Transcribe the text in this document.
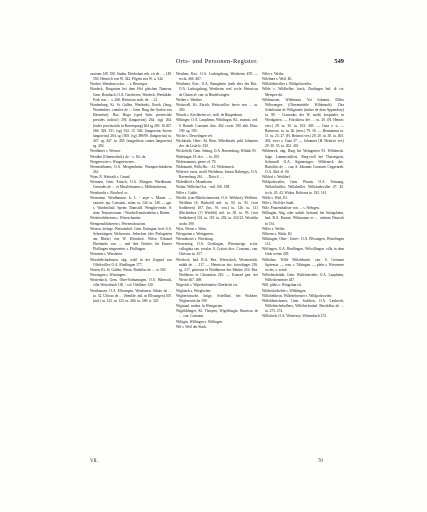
Orts- und Personen-Register.	549

castrum 149. 350. Stadtu, Diethoban oeh. vir de …, 149. 350. Heinrich von W. 342. Pilgrin von W. u. 342.

Wacher, Wanzburca dac … s. Benwiges.

Wardeck, Burgruine bei dem Hof gleichen Namens, Gem. Bombach, O.A. Geroberen, Wardeck, Werdakke. Fork von … s. 260. Heinricus eralt. de … 21.

Wardenburg, Kt. St. Gallen, Wardenbi., Ilerzb. (burg, Wardenberc. comites de … frem. Burg der Grafen von Hasenfurt). Hac. Hugo (sped Subs provinciale presides iudicio) 256 (langravius) 264. (sg) 264. (iudex provincialis in Ravensparg) 264 sg 265. 16 267. 266. 328. 331. (sg) 334. 15. 302. (langravius Suecie langravius) 264. sg 1305. (sg) 389/90. (langravius) tu. 447. sg. 447. tu. 450. (magnificus comes langravius) sg. 450.

Werdbarer s. Wersen.

Werdkie (Otterneckirk), dz. - s. Ulc dz.

Wargerowire s. Wurgeterwiere.

Werneslebanes, O.A. Mergentheim, Warnprechtitobens 261.

Wam. N. Weitrailt s. Grund.

Wernnen, Gem. Ertisch, O.A. Ehingen; Werdhauen. Genrades de … et Messlebruerns s. Millentobrerus.

Wersburdis s. Bruched. vc.

Wersemne. Werdhausen. h. L. - asye s. Marne. — cartarie. epi. Constant., mitar. tu. 144. tu. 146. — ppr. s. Wardeichail. Speter, Damstiff. Wengiln-ernbe. S. dom. Teutonicorum. - Wardsell mottenheim s. Batten.

Wersbertletkerum s. Witreschaniter

Wempensblohteren s. Wernesohcutsen.

Wersen, bislege. Wersuenkirl. Gem. Enfingen; bed. S.A. Scheettingen; Welwersen. Sebecken (der Pfalagrafen am Rhein) von W. Kleinhoft. Wilsw Erbrand Eberhardo von … und ihre Teohter, ihr Einster Pfullingen eingetreten. s. Pfullingen.

Wesnizin s. Winsheim.

Wesobelichadinsen, abg. wohl in der Gegend von Offeltwiller, O.A. Riedlingen 177.,

Wasen, Kt. St. Gallen, Wesin. Rodulfus de … to 350.

Wessingen s. Winsingen.

Westerbach, Gem. Ober-Sulmatingen, O.A. Biberach, villa Westerbach 130. - col. Otbllines 130.

Westhausen, O.A. Ellwangen, Westhusen. Siboto de … tu. 32. Ulricus de … (Senilde. mil. in Ellwangen) 105. (mil.) tu. 122. tu. 123. tu. 266. tu. 269. tr. 325.

Westhen, Kirr.. O.A. Ludwigsburg, Westheim 458. — eccla. 466. 467.

Westhene, Kirr.. O.A. Bamgheim (neth eber der Ritt.. O.A. Ludwigsburg, Westheim. reel. eccle. Heinricus de Chazecel. can. in Bindelwingen.

Wether s. Warther.

Wettswell, Kt. Zürich, Wettiswiller. herve von … tu. 450.

Wesalz s. Kirchheim o/r.. mill. de Ringenburn.

Wibinger, O.A. Laupheim, Wibilingin. Kl., monast. ord. S. Benedi. Constant. dioc. 462. cover. 190. abb. Elser. 190. sg. 190.

Wiche s. Dewelingen vel.

Wickkrath, Ober-, Kt. Bern, Wibekkrath. prbl. Johannes dev. de Lisla le. 350.

Wickrtfeld, Gem. Saburg, O.A. Ravensburg, Wilakh 93.

Widenager, H. dco. … tu. 295.

Widensaumes, gener. el. 79.

Widemarth, Willa Hu.. - 41. Widemarch.

Widevee curia, mold Wieldtean, bissen Babengry, O.A. Ravensburg 261. … Dota S. …

Widedtheil s. Maunhoim.

Walter, Wilhelm Oca. - mil. 160. 188.

Wiler s. Gulde.

Wiethl; (von Mittelwinereutte, O.A. Weldsee), Weilhtez. Weilhem (S. Barbold) mil. tu. 50. tu. 92. (von Soddiesen) 107. (bis. W. von.) tu. 126. tu. 131 (Bechterbez (?) Wiedthl) mil. tu. 50. tu. 93. (von Seddebrest) 101. tu. 119. tu. 282. tu. 432-23. Wiesthln urohr. 390.

Wies, Wiene s. Wain.

Wiesgarten s. Weingarten.

Wierneboire s. Wiresburg.

Wiesensieg, O.A. Geislingen, Wisensteige. eccla. collegiata can. secular. S. Cyriaci dioc. Constant., can. Christus tu. 357.

Wiesloch, bad. B.A. Bez. Wiesesloch, Wisenessloh. nobih de … 217. — Heinricus dos. frorodinger 216. sg. 217. patrizius et Waithberus des Markte 216. Bea. Waltherus et Chronulan 216. — Konrad gen. der Weise 467. 469.

Wigerich s. Wiperhefrtaden; Oberbrich vir.

Wiglanch s. Wieglocher.

Wigbertstruche, knige, Schellhaf, bei Waldsee, Wigbertstriche 190.

Wiginaol. mohra. ln Weingerten.

Wigtilddinger, Kl. Thorpen, Wigeltlingin. Banricus de … can. Constant.

Wiltigin. Willingen s. Willingen.

Wil s. Weil der Stadt.

Wiler s. Weiler.

Wilehure s. Weil, Kl.

Willobibeiviller s. Wildpolzweiler.

Wilde s. Wildheller; lurch, Zindingen Ind. di ctr; Merspee dit.

Wildenzoen, Wildenzau. Voi Isdomin, Dilles Wiltwengen (Oberemedele Wildenzoh): Dea Schnlouine de Wiltgeratte (mitter de dem Appendory) tu. 80. - Contradus des W. mold, hospitaler. in Wiedgarten. — Fritcdoriss der … tu. 20. (H. Heinric vers.) 29. tu. 30. tu. 102. 403. — Guta z. u. — Rainricus. tu. tu. 26. (mes.) 79. 30. — Hermannus tu. 11. tu. 23. 27. (H. Heinrici ver.) 29. 20. tu. 30. tu. 403. 402. wer.r z. Guta 37. — Johannes (H. Heinrici ver.) 29. 30. 35. tu. 202. 401.

Wildeneck, abg. Burg bei Weingarten 93. Wildeneck. laige. Lammwald/ost. Berg-stoll bei Tharreigerti, Schonzell O.A. Sigmaringer; Wildeneck dec. Bartolfus de … can. S. Johannis Constant. Ceppenreb. O.A. Abd. el. 00.

Wildorf s. Weildorf.

Wildpolzweiler, Gem. Pfaum, O.A. Tettnang, Willobliwiller, Willabeiller. Willobiebwiller 47. 45. sccls. 45. 43. Widon. Bolterus tu. 192. 161.

Wilde s. Weil, Kl.

Wile s. Weil der Stadt.

Wile, Frauensbaliser von … s. Nehrgen.

Willingen, Abg. oder unbeb. bestand, bei Stuttgsheim, bad. B.A. Rastatt. Wilinnoum es … cubiens Deutsch in 154.

Wilter s. Weiler.

Wilterm s. Weila, Kl.

Wilttingen, Ober-, Unter-, O.A. Ellwangen, Wiwelingen 112.

Wiffingen, O.A. Riedlingen, Wilwillingen. villa in dem Gerb sceine 259.

Wilhelms. Wille Wilteleburtit. can. S. Germani Spirensis. — com. s. Tübingen. — plebs s. Wiesensee eccles. s. serial.

Wilhelmsbrüdir, Gem. Wallchensider, O.A. Laupheim, Willechentenier 447.

Will. plebs s. Wingsdun vit.

Wildetsluchelite s. Wilhlingen.

Willobeliheus. Willebelseister s. Wildpolzweiler.

Willobbertshoner, Gem. Soddern, O.A. Laubrech, Willebiechebofhers, Willeberlstuhel. Bertoldlus de … tu. 273. 274.

Willobroh, O.A. Wiatersoy, Wittembach 272.

VII.	70
